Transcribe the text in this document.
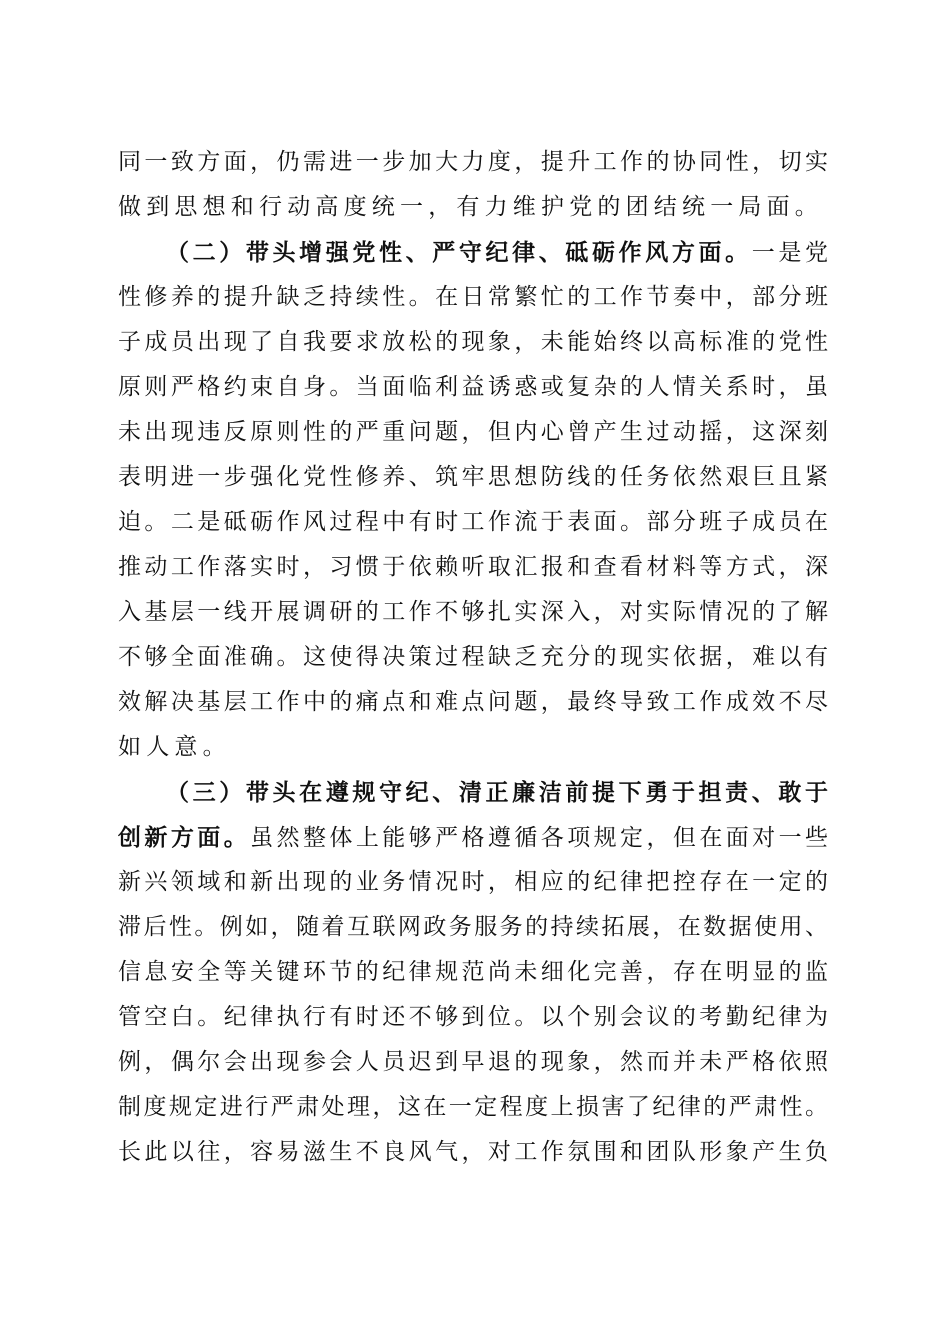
同一致方面，仍需进一步加大力度，提升工作的协同性，切实
做到思想和行动高度统一，有力维护党的团结统一局面。
（二）带头增强党性、严守纪律、砥砺作风方面。一是党
性修养的提升缺乏持续性。在日常繁忙的工作节奏中，部分班
子成员出现了自我要求放松的现象，未能始终以高标准的党性
原则严格约束自身。当面临利益诱惑或复杂的人情关系时，虽
未出现违反原则性的严重问题，但内心曾产生过动摇，这深刻
表明进一步强化党性修养、筑牢思想防线的任务依然艰巨且紧
迫。二是砥砺作风过程中有时工作流于表面。部分班子成员在
推动工作落实时，习惯于依赖听取汇报和查看材料等方式，深
入基层一线开展调研的工作不够扎实深入，对实际情况的了解
不够全面准确。这使得决策过程缺乏充分的现实依据，难以有
效解决基层工作中的痛点和难点问题，最终导致工作成效不尽
如人意。
（三）带头在遵规守纪、清正廉洁前提下勇于担责、敢于
创新方面。虽然整体上能够严格遵循各项规定，但在面对一些
新兴领域和新出现的业务情况时，相应的纪律把控存在一定的
滞后性。例如，随着互联网政务服务的持续拓展，在数据使用、
信息安全等关键环节的纪律规范尚未细化完善，存在明显的监
管空白。纪律执行有时还不够到位。以个别会议的考勤纪律为
例，偶尔会出现参会人员迟到早退的现象，然而并未严格依照
制度规定进行严肃处理，这在一定程度上损害了纪律的严肃性。
长此以往，容易滋生不良风气，对工作氛围和团队形象产生负
